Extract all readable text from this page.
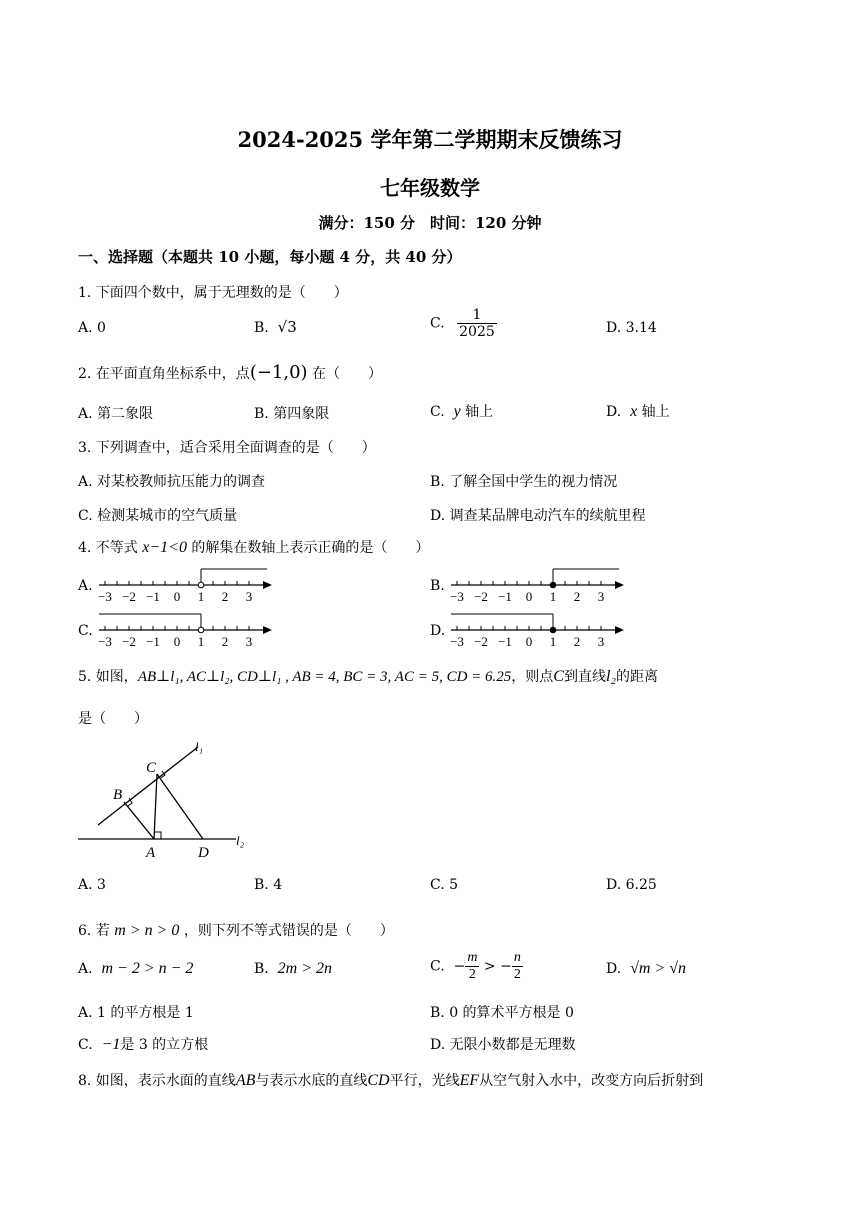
2024-2025 学年第二学期期末反馈练习
七年级数学
满分：150 分　时间：120 分钟
一、选择题（本题共 10 小题，每小题 4 分，共 40 分）
1. 下面四个数中，属于无理数的是（　　）
A. 0	B. √3	C. $\frac{1}{2025}$	D. 3.14
2. 在平面直角坐标系中，点(−1,0) 在（　　）
A. 第二象限	B. 第四象限	C. y 轴上	D. x 轴上
3. 下列调查中，适合采用全面调查的是（　　）
A. 对某校教师抗压能力的调查	B. 了解全国中学生的视力情况
C. 检测某城市的空气质量	D. 调查某品牌电动汽车的续航里程
4. 不等式 x−1<0 的解集在数轴上表示正确的是（　　）
A.	B.
C.	D.
−3 −2 −1 0 1 2 3	−3 −2 −1 0 1 2 3
−3 −2 −1 0 1 2 3	−3 −2 −1 0 1 2 3
5. 如图，AB⊥l₁, AC⊥l₂, CD⊥l₁ , AB = 4, BC = 3, AC = 5, CD = 6.25，则点C到直线l₂的距离
是（　　）
l₁
l₂
A
B
C
D
A. 3	B. 4	C. 5	D. 6.25
6. 若 m > n > 0 ，则下列不等式错误的是（　　）
A. m − 2 > n − 2	B. 2m > 2n	C. − $\frac{m}{2}$ > − $\frac{n}{2}$	D. √m > √n
A. 1 的平方根是 1	B. 0 的算术平方根是 0
C. −1是 3 的立方根	D. 无限小数都是无理数
8. 如图，表示水面的直线AB与表示水底的直线CD平行，光线EF从空气射入水中，改变方向后折射到
